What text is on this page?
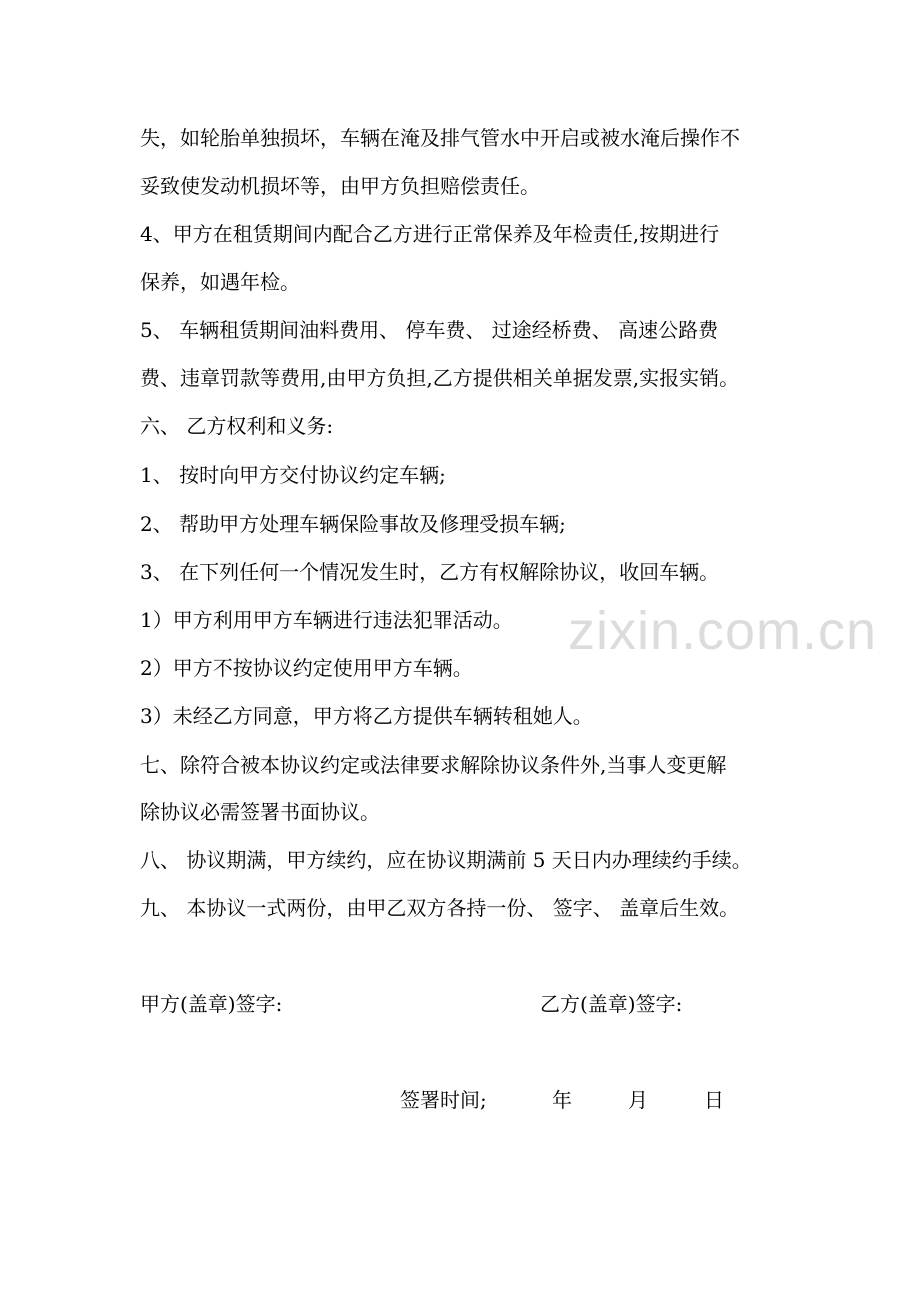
zixin.com.cn
失，如轮胎单独损坏，车辆在淹及排气管水中开启或被水淹后操作不
妥致使发动机损坏等，由甲方负担赔偿责任。
4、甲方在租赁期间内配合乙方进行正常保养及年检责任,按期进行
保养，如遇年检。
5、 车辆租赁期间油料费用、 停车费、 过途经桥费、 高速公路费
费、违章罚款等费用,由甲方负担,乙方提供相关单据发票,实报实销。
六、 乙方权利和义务:
1、 按时向甲方交付协议约定车辆;
2、 帮助甲方处理车辆保险事故及修理受损车辆;
3、 在下列任何一个情况发生时，乙方有权解除协议，收回车辆。
1）甲方利用甲方车辆进行违法犯罪活动。
2）甲方不按协议约定使用甲方车辆。
3）未经乙方同意，甲方将乙方提供车辆转租她人。
七、除符合被本协议约定或法律要求解除协议条件外,当事人变更解
除协议必需签署书面协议。
八、 协议期满，甲方续约，应在协议期满前 5 天日内办理续约手续。
九、 本协议一式两份，由甲乙双方各持一份、 签字、 盖章后生效。
甲方(盖章)签字:	乙方(盖章)签字:
签署时间;	年	月	日
